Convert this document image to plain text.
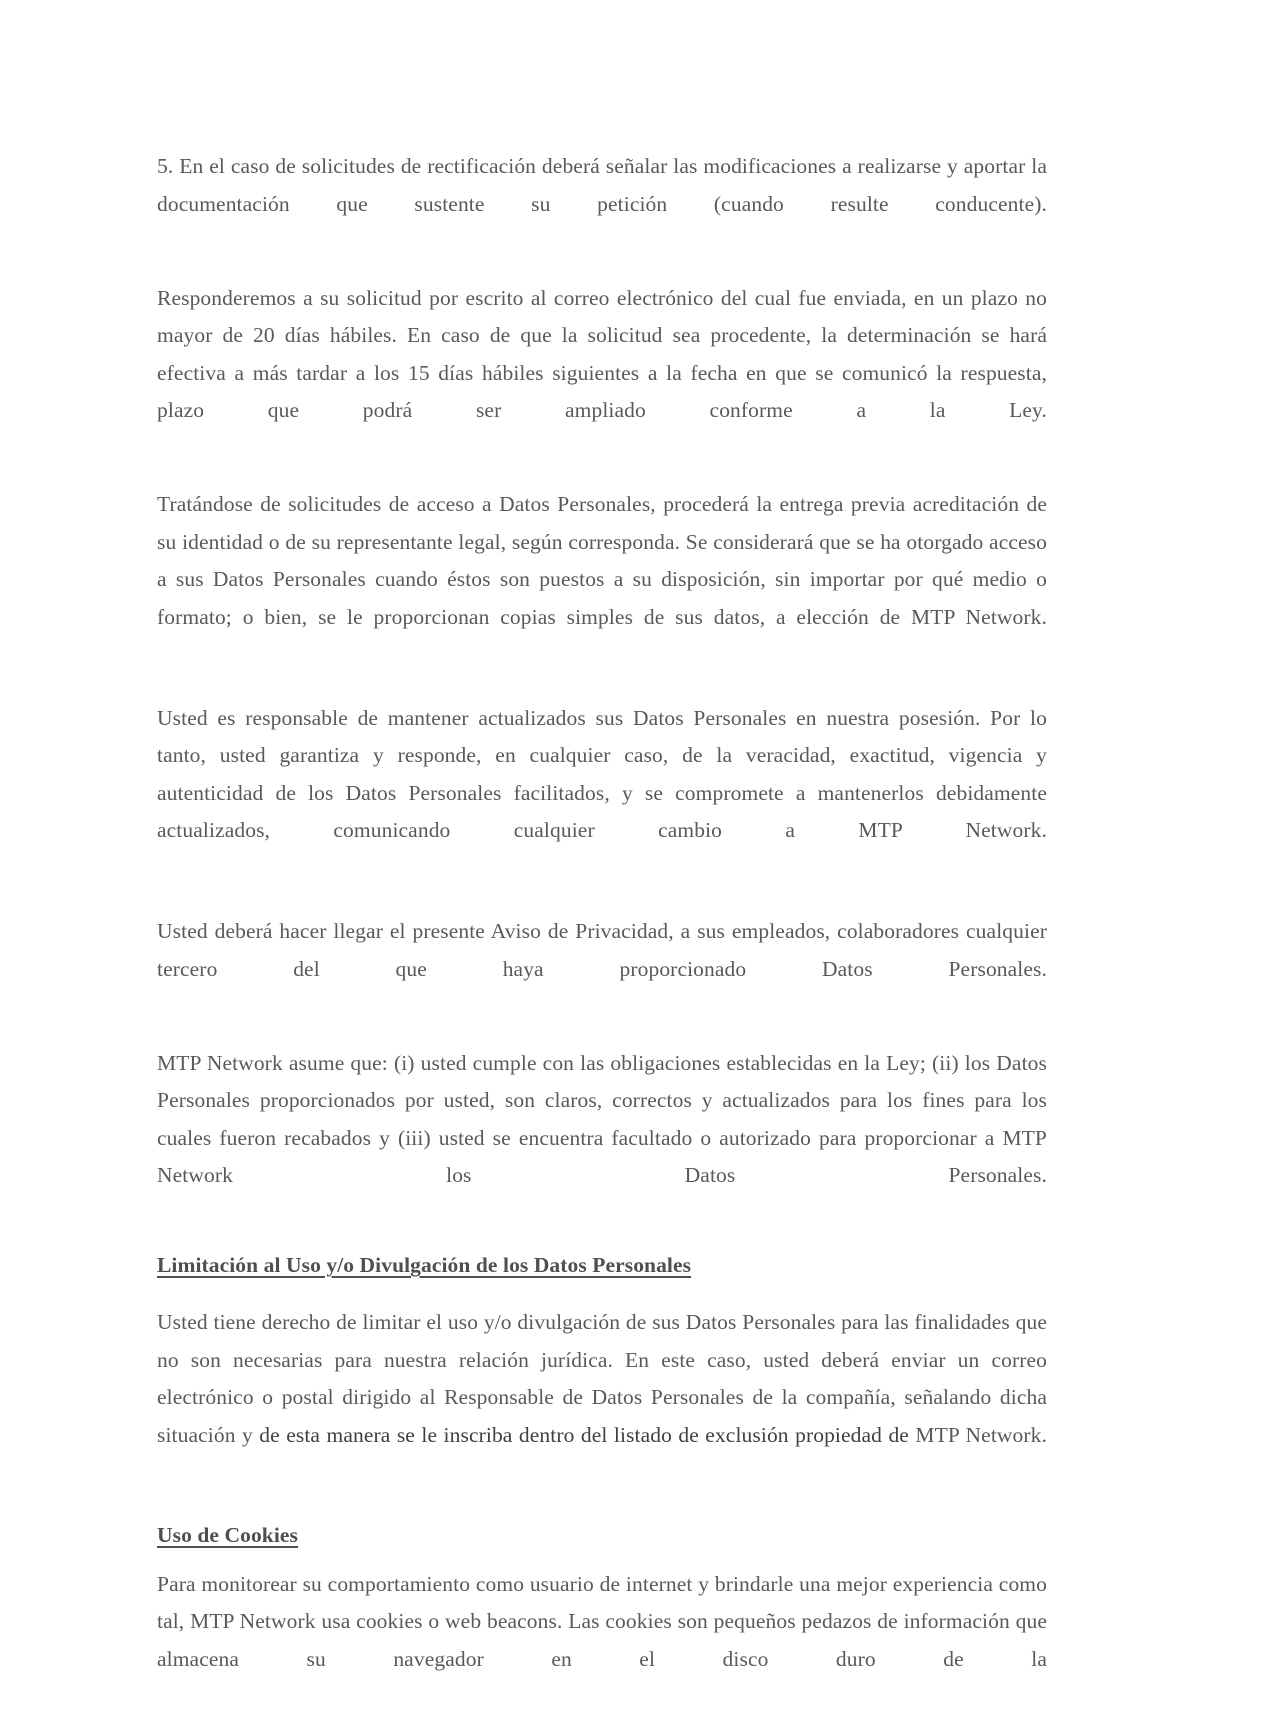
5. En el caso de solicitudes de rectificación deberá señalar las modificaciones a realizarse y aportar la documentación que sustente su petición (cuando resulte conducente).

Responderemos a su solicitud por escrito al correo electrónico del cual fue enviada, en un plazo no mayor de 20 días hábiles. En caso de que la solicitud sea procedente, la determinación se hará efectiva a más tardar a los 15 días hábiles siguientes a la fecha en que se comunicó la respuesta, plazo que podrá ser ampliado conforme a la Ley.

Tratándose de solicitudes de acceso a Datos Personales, procederá la entrega previa acreditación de su identidad o de su representante legal, según corresponda. Se considerará que se ha otorgado acceso a sus Datos Personales cuando éstos son puestos a su disposición, sin importar por qué medio o formato; o bien, se le proporcionan copias simples de sus datos, a elección de MTP Network.

Usted es responsable de mantener actualizados sus Datos Personales en nuestra posesión. Por lo tanto, usted garantiza y responde, en cualquier caso, de la veracidad, exactitud, vigencia y autenticidad de los Datos Personales facilitados, y se compromete a mantenerlos debidamente actualizados, comunicando cualquier cambio a MTP Network.

Usted deberá hacer llegar el presente Aviso de Privacidad, a sus empleados, colaboradores cualquier tercero del que haya proporcionado Datos Personales.

MTP Network asume que: (i) usted cumple con las obligaciones establecidas en la Ley; (ii) los Datos Personales proporcionados por usted, son claros, correctos y actualizados para los fines para los cuales fueron recabados y (iii) usted se encuentra facultado o autorizado para proporcionar a MTP Network los Datos Personales.

Limitación al Uso y/o Divulgación de los Datos Personales

Usted tiene derecho de limitar el uso y/o divulgación de sus Datos Personales para las finalidades que no son necesarias para nuestra relación jurídica. En este caso, usted deberá enviar un correo electrónico o postal dirigido al Responsable de Datos Personales de la compañía, señalando dicha situación y de esta manera se le inscriba dentro del listado de exclusión propiedad de MTP Network.

Uso de Cookies

Para monitorear su comportamiento como usuario de internet y brindarle una mejor experiencia como tal, MTP Network usa cookies o web beacons. Las cookies son pequeños pedazos de información que almacena su navegador en el disco duro de la
